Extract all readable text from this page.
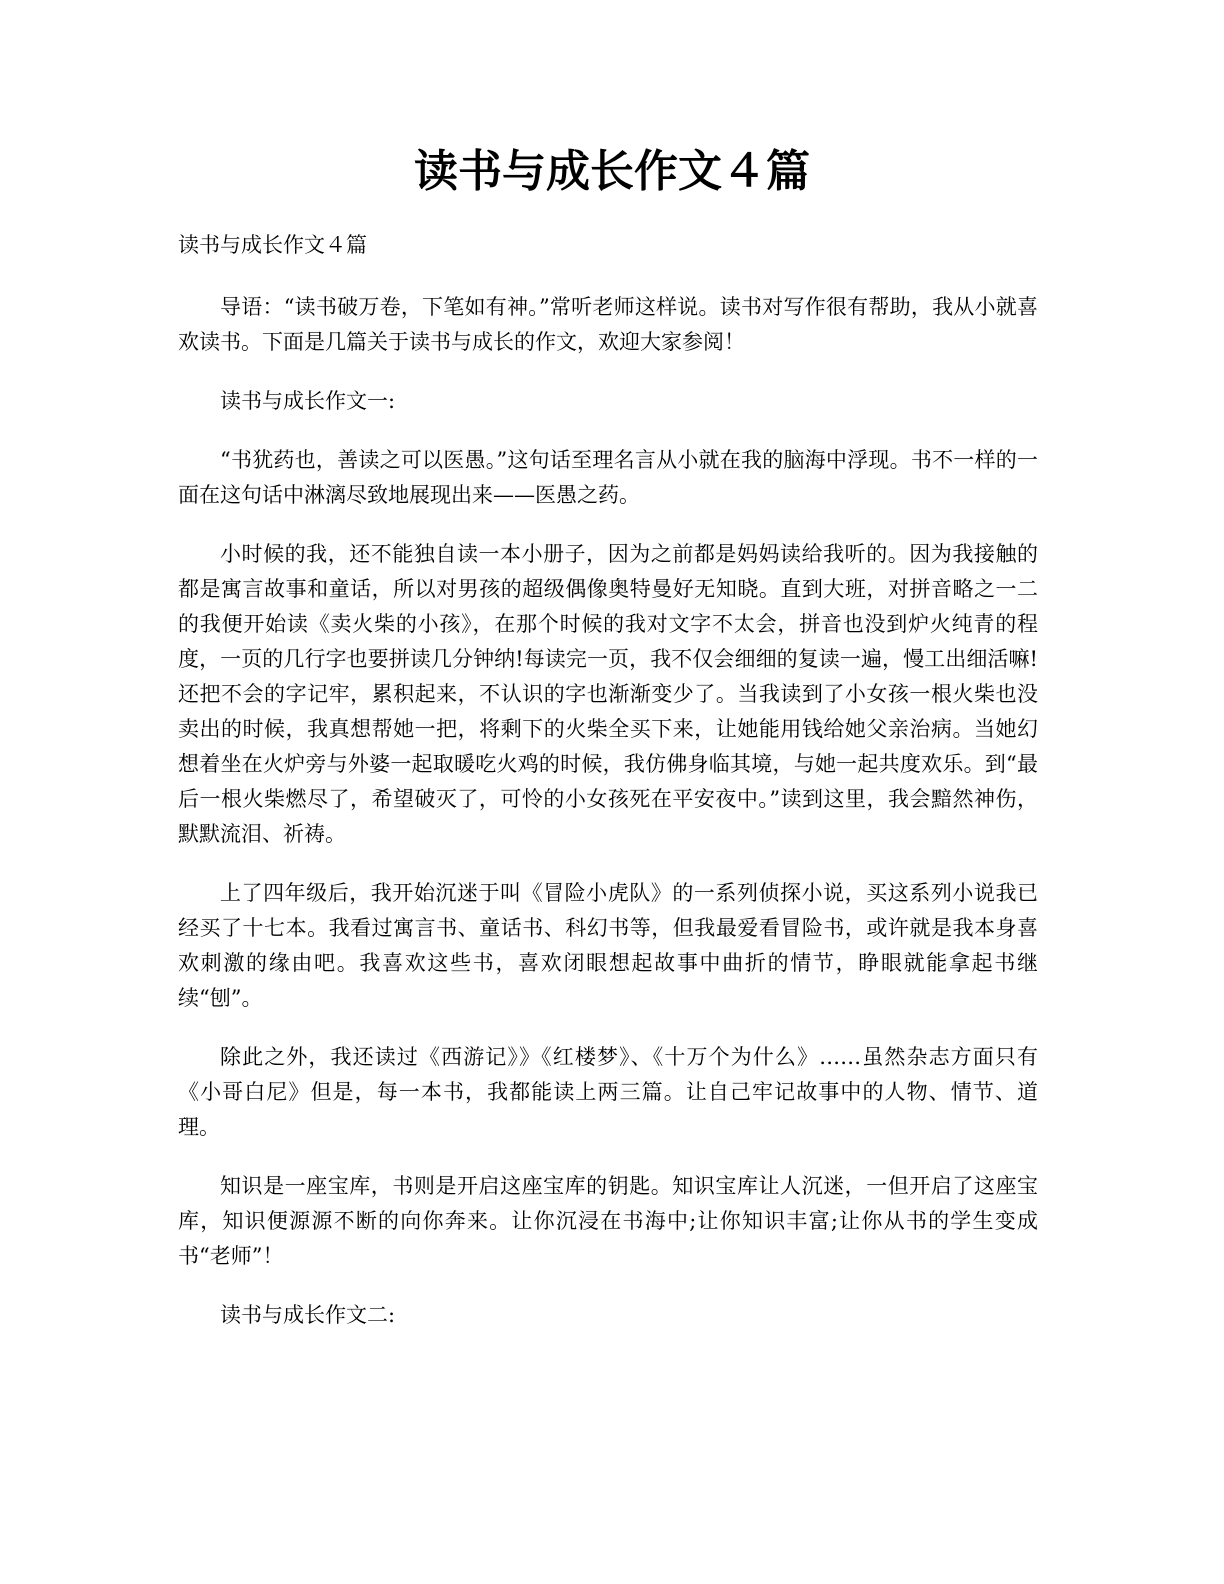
读书与成长作文４篇

读书与成长作文４篇

导语：“读书破万卷，下笔如有神。”常听老师这样说。读书对写作很有帮助，我从小就喜欢读书。下面是几篇关于读书与成长的作文，欢迎大家参阅！

读书与成长作文一:

“书犹药也，善读之可以医愚。”这句话至理名言从小就在我的脑海中浮现。书不一样的一面在这句话中淋漓尽致地展现出来——医愚之药。

小时候的我，还不能独自读一本小册子，因为之前都是妈妈读给我听的。因为我接触的都是寓言故事和童话，所以对男孩的超级偶像奥特曼好无知晓。直到大班，对拼音略之一二的我便开始读《卖火柴的小孩》，在那个时候的我对文字不太会，拼音也没到炉火纯青的程度，一页的几行字也要拼读几分钟纳!每读完一页，我不仅会细细的复读一遍，慢工出细活嘛!还把不会的字记牢，累积起来，不认识的字也渐渐变少了。当我读到了小女孩一根火柴也没卖出的时候，我真想帮她一把，将剩下的火柴全买下来，让她能用钱给她父亲治病。当她幻想着坐在火炉旁与外婆一起取暖吃火鸡的时候，我仿佛身临其境，与她一起共度欢乐。到“最后一根火柴燃尽了，希望破灭了，可怜的小女孩死在平安夜中。”读到这里，我会黯然神伤，默默流泪、祈祷。

上了四年级后，我开始沉迷于叫《冒险小虎队》的一系列侦探小说，买这系列小说我已经买了十七本。我看过寓言书、童话书、科幻书等，但我最爱看冒险书，或许就是我本身喜欢刺激的缘由吧。我喜欢这些书，喜欢闭眼想起故事中曲折的情节，睁眼就能拿起书继续“刨”。

除此之外，我还读过《西游记》》《红楼梦》、《十万个为什么》……虽然杂志方面只有《小哥白尼》但是，每一本书，我都能读上两三篇。让自己牢记故事中的人物、情节、道理。

知识是一座宝库，书则是开启这座宝库的钥匙。知识宝库让人沉迷，一但开启了这座宝库，知识便源源不断的向你奔来。让你沉浸在书海中;让你知识丰富;让你从书的学生变成书“老师”！

读书与成长作文二:
